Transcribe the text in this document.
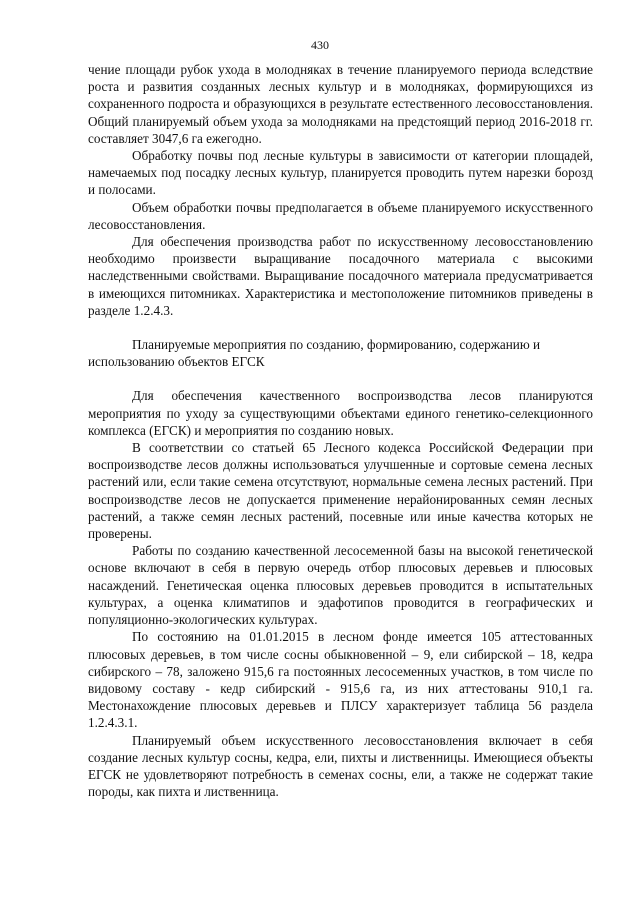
430

чение площади рубок ухода в молодняках в течение планируемого периода вследствие роста и развития созданных лесных культур и в молодняках, формирующихся из сохраненного подроста и образующихся в результате естественного лесовосстановления. Общий планируемый объем ухода за молодняками на предстоящий период 2016-2018 гг. составляет 3047,6 га ежегодно.

Обработку почвы под лесные культуры в зависимости от категории площадей, намечаемых под посадку лесных культур, планируется проводить путем нарезки борозд и полосами.

Объем обработки почвы предполагается в объеме планируемого искусственного лесовосстановления.

Для обеспечения производства работ по искусственному лесовосстановлению необходимо произвести выращивание посадочного материала с высокими наследственными свойствами. Выращивание посадочного материала предусматривается в имеющихся питомниках. Характеристика и местоположение питомников приведены в разделе 1.2.4.3.

Планируемые мероприятия по созданию, формированию, содержанию и использованию объектов ЕГСК

Для обеспечения качественного воспроизводства лесов планируются мероприятия по уходу за существующими объектами единого генетико-селекционного комплекса (ЕГСК) и мероприятия по созданию новых.

В соответствии со статьей 65 Лесного кодекса Российской Федерации при воспроизводстве лесов должны использоваться улучшенные и сортовые семена лесных растений или, если такие семена отсутствуют, нормальные семена лесных растений. При воспроизводстве лесов не допускается применение нерайонированных семян лесных растений, а также семян лесных растений, посевные или иные качества которых не проверены.

Работы по созданию качественной лесосеменной базы на высокой генетической основе включают в себя в первую очередь отбор плюсовых деревьев и плюсовых насаждений. Генетическая оценка плюсовых деревьев проводится в испытательных культурах, а оценка климатипов и эдафотипов проводится в географических и популяционно-экологических культурах.

По состоянию на 01.01.2015 в лесном фонде имеется 105 аттестованных плюсовых деревьев, в том числе сосны обыкновенной – 9, ели сибирской – 18, кедра сибирского – 78, заложено 915,6 га постоянных лесосеменных участков, в том числе по видовому составу - кедр сибирский - 915,6 га, из них аттестованы 910,1 га. Местонахождение плюсовых деревьев и ПЛСУ характеризует таблица 56 раздела 1.2.4.3.1.

Планируемый объем искусственного лесовосстановления включает в себя создание лесных культур сосны, кедра, ели, пихты и лиственницы. Имеющиеся объекты ЕГСК не удовлетворяют потребность в семенах сосны, ели, а также не содержат такие породы, как пихта и лиственница.
